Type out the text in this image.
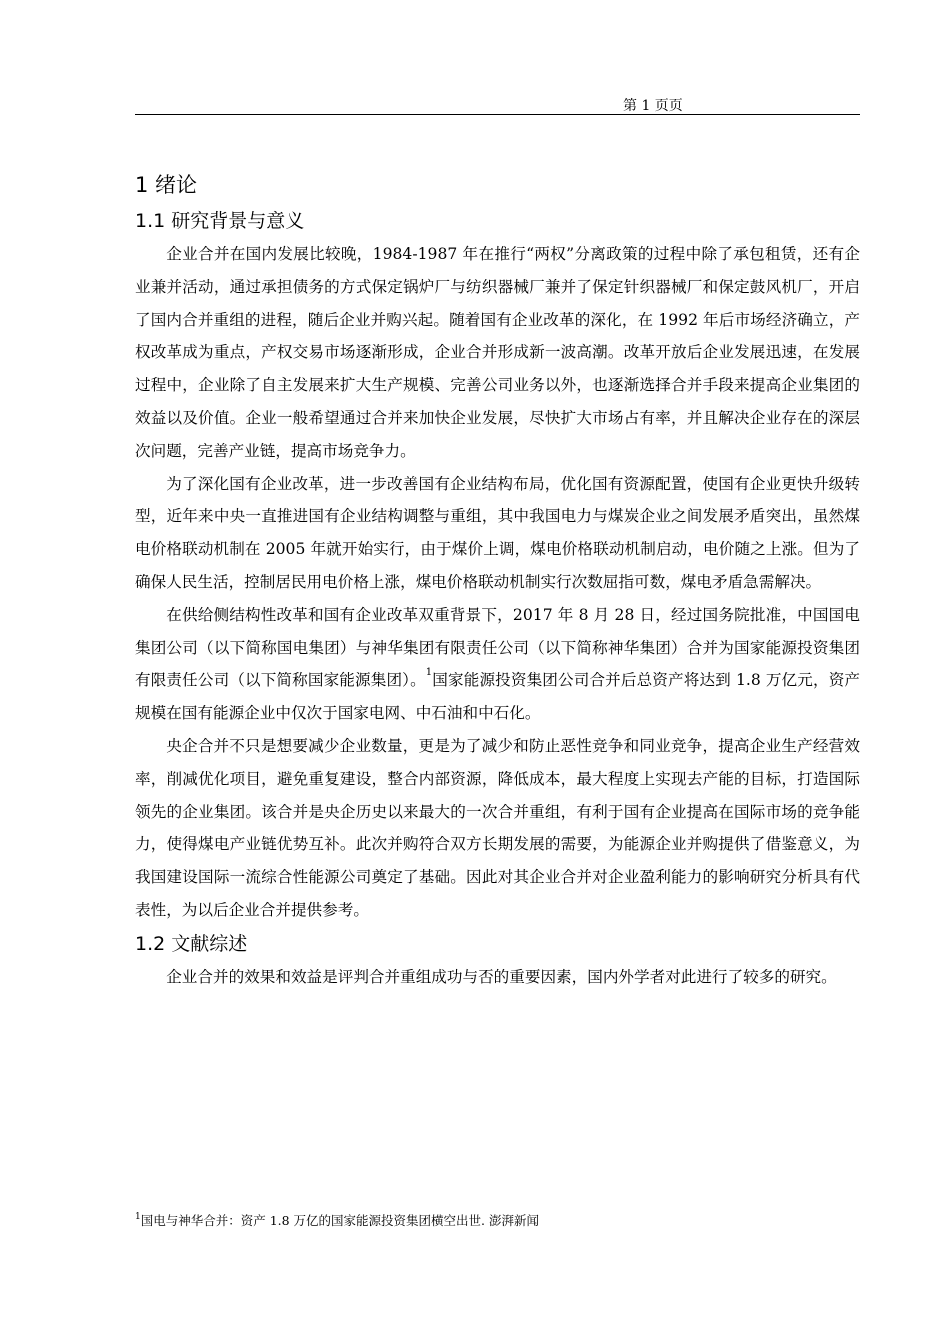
第 1 页页
1 绪论
1.1 研究背景与意义

企业合并在国内发展比较晚，1984-1987 年在推行“两权”分离政策的过程中除了承包租赁，还有企业兼并活动，通过承担债务的方式保定锅炉厂与纺织器械厂兼并了保定针织器械厂和保定鼓风机厂，开启了国内合并重组的进程，随后企业并购兴起。随着国有企业改革的深化，在 1992 年后市场经济确立，产权改革成为重点，产权交易市场逐渐形成，企业合并形成新一波高潮。改革开放后企业发展迅速，在发展过程中，企业除了自主发展来扩大生产规模、完善公司业务以外，也逐渐选择合并手段来提高企业集团的效益以及价值。企业一般希望通过合并来加快企业发展，尽快扩大市场占有率，并且解决企业存在的深层次问题，完善产业链，提高市场竞争力。

为了深化国有企业改革，进一步改善国有企业结构布局，优化国有资源配置，使国有企业更快升级转型，近年来中央一直推进国有企业结构调整与重组，其中我国电力与煤炭企业之间发展矛盾突出，虽然煤电价格联动机制在 2005 年就开始实行，由于煤价上调，煤电价格联动机制启动，电价随之上涨。但为了确保人民生活，控制居民用电价格上涨，煤电价格联动机制实行次数屈指可数，煤电矛盾急需解决。

在供给侧结构性改革和国有企业改革双重背景下，2017 年 8 月 28 日，经过国务院批准，中国国电集团公司（以下简称国电集团）与神华集团有限责任公司（以下简称神华集团）合并为国家能源投资集团有限责任公司（以下简称国家能源集团）。$^1$国家能源投资集团公司合并后总资产将达到 1.8 万亿元，资产规模在国有能源企业中仅次于国家电网、中石油和中石化。

央企合并不只是想要减少企业数量，更是为了减少和防止恶性竞争和同业竞争，提高企业生产经营效率，削减优化项目，避免重复建设，整合内部资源，降低成本，最大程度上实现去产能的目标，打造国际领先的企业集团。该合并是央企历史以来最大的一次合并重组，有利于国有企业提高在国际市场的竞争能力，使得煤电产业链优势互补。此次并购符合双方长期发展的需要，为能源企业并购提供了借鉴意义，为我国建设国际一流综合性能源公司奠定了基础。因此对其企业合并对企业盈利能力的影响研究分析具有代表性，为以后企业合并提供参考。

1.2 文献综述

企业合并的效果和效益是评判合并重组成功与否的重要因素，国内外学者对此进行了较多的研究。

$^1$国电与神华合并：资产 1.8 万亿的国家能源投资集团横空出世. 澎湃新闻
